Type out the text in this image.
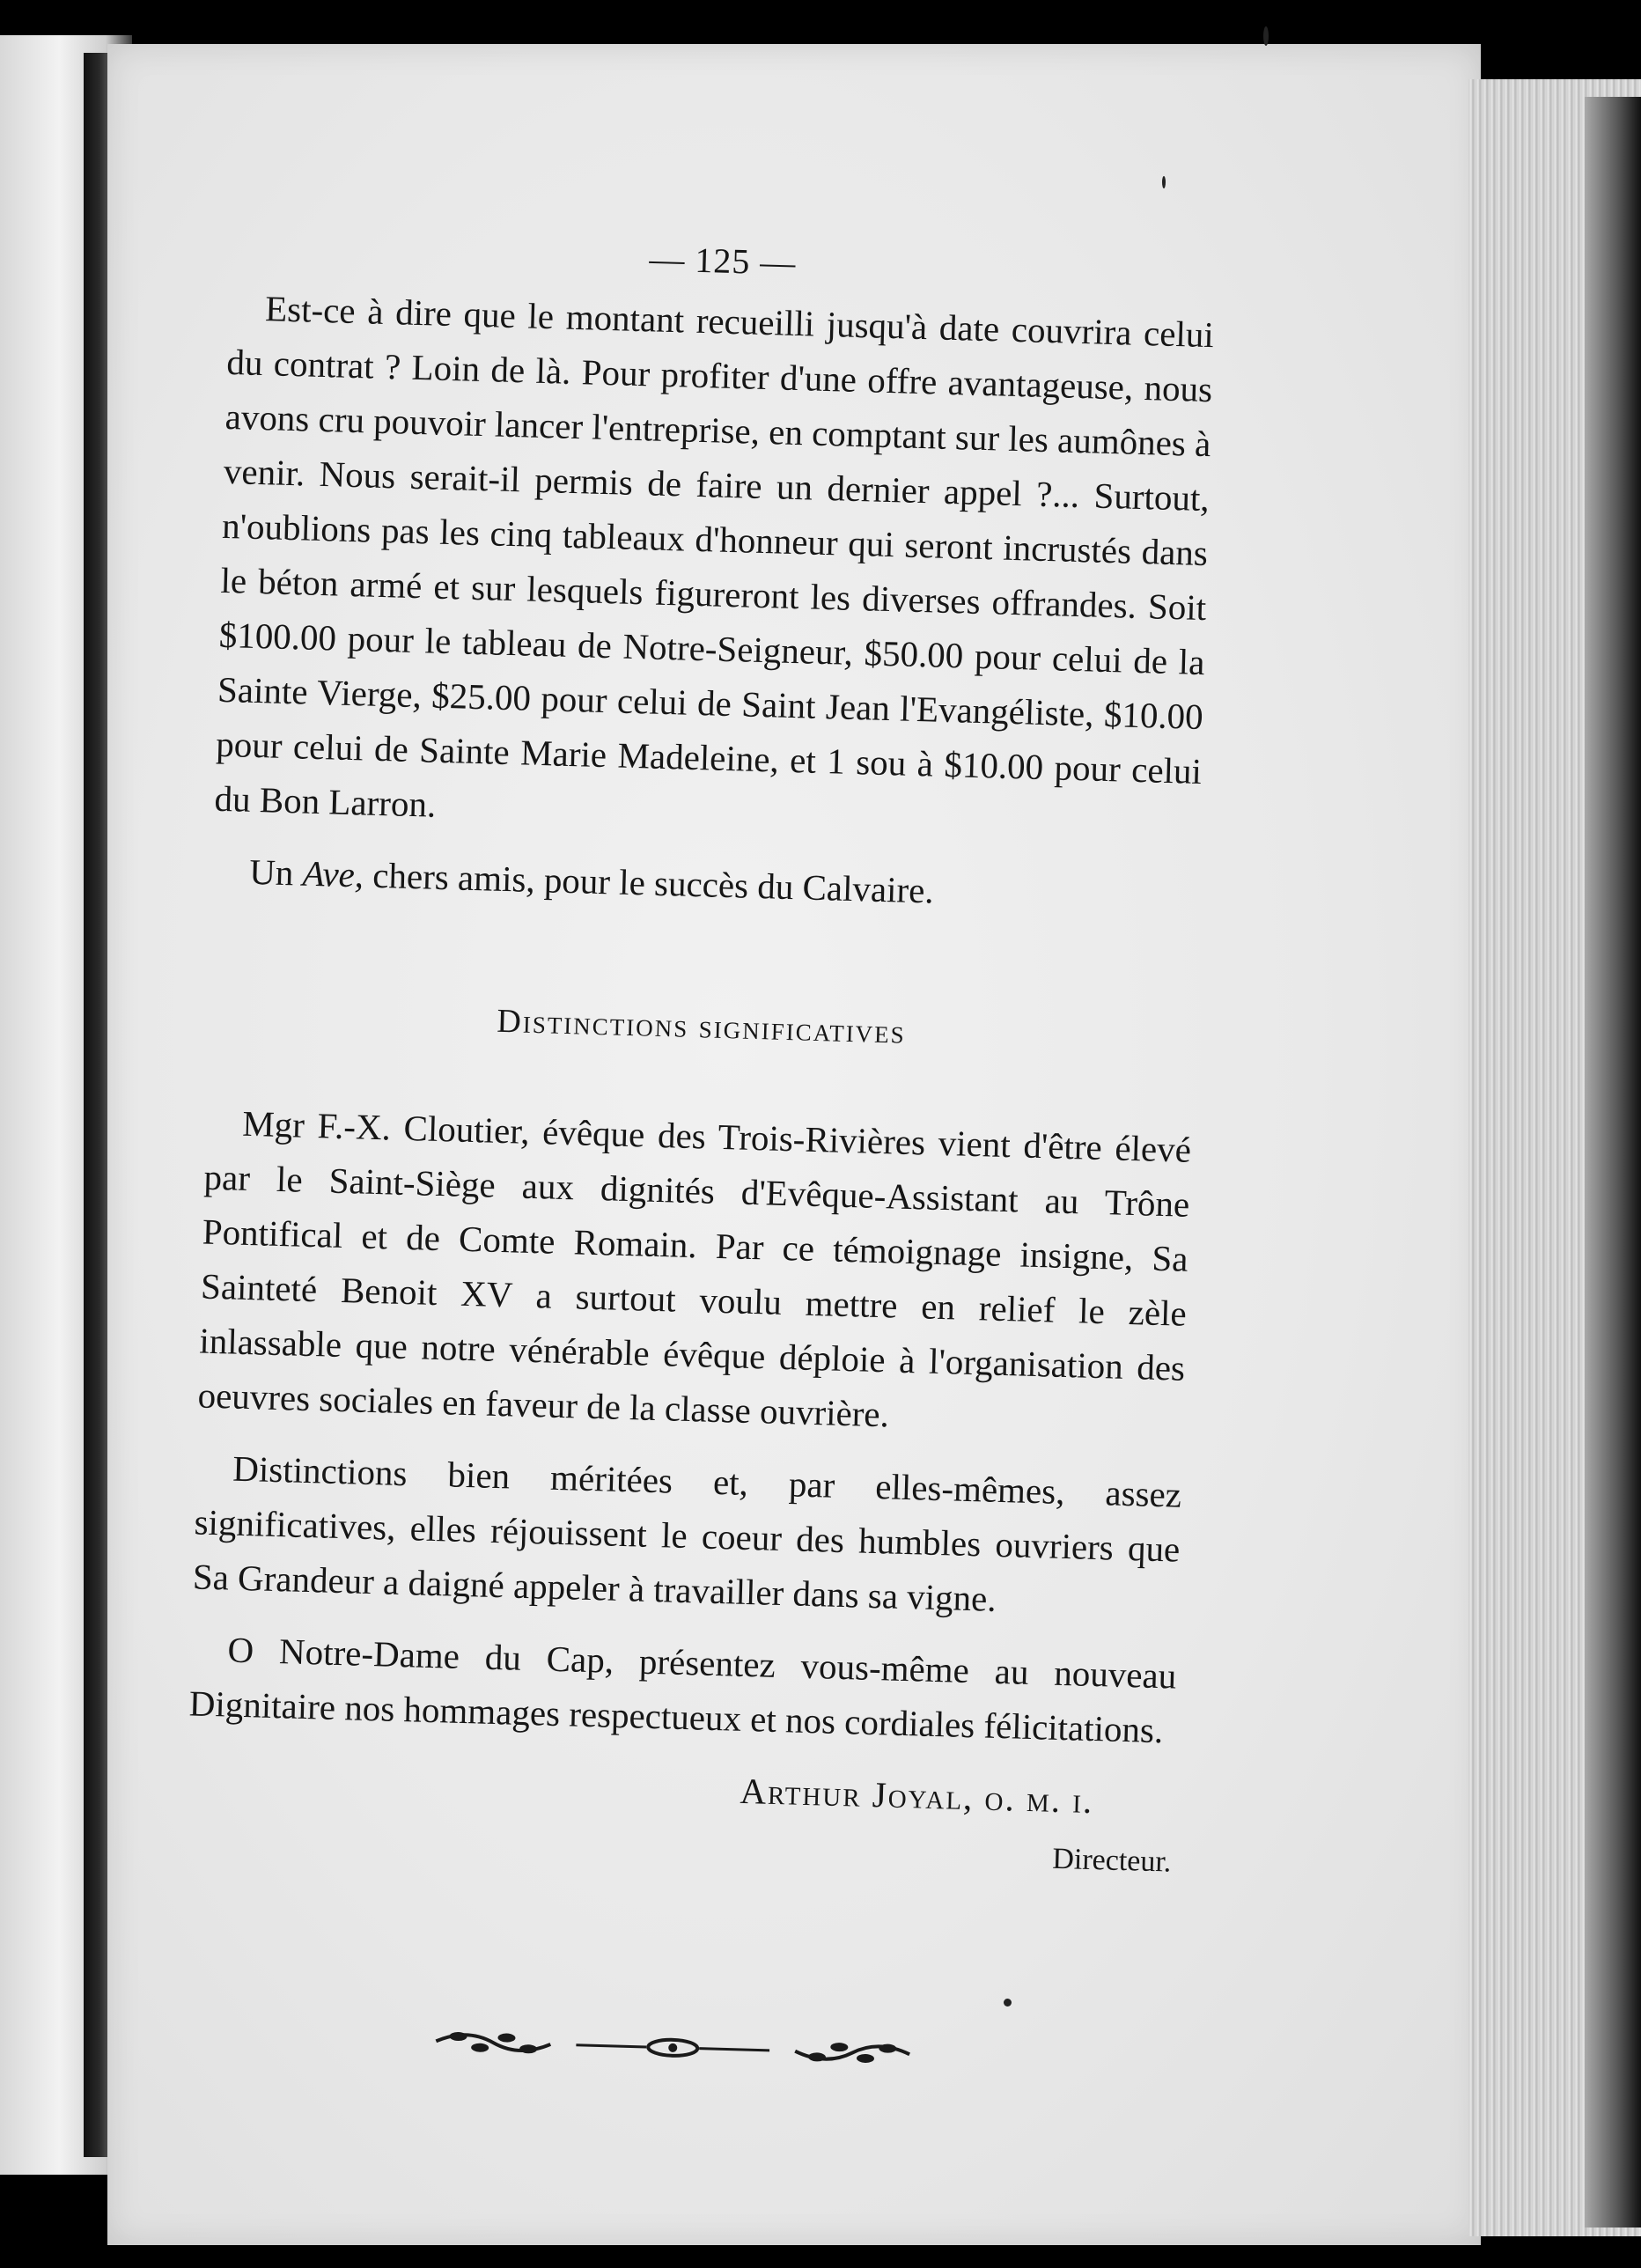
— 125 —

Est-ce à dire que le montant recueilli jusqu'à date couvrira celui du contrat ? Loin de là. Pour profiter d'une offre avantageuse, nous avons cru pouvoir lancer l'entreprise, en comptant sur les aumônes à venir. Nous serait-il permis de faire un dernier appel ?... Surtout, n'oublions pas les cinq tableaux d'honneur qui seront incrustés dans le béton armé et sur lesquels figureront les diverses offrandes. Soit $100.00 pour le tableau de Notre-Seigneur, $50.00 pour celui de la Sainte Vierge, $25.00 pour celui de Saint Jean l'Evangéliste, $10.00 pour celui de Sainte Marie Madeleine, et 1 sou à $10.00 pour celui du Bon Larron.

Un Ave, chers amis, pour le succès du Calvaire.

Distinctions significatives

Mgr F.-X. Cloutier, évêque des Trois-Rivières vient d'être élevé par le Saint-Siège aux dignités d'Evêque-Assistant au Trône Pontifical et de Comte Romain. Par ce témoignage insigne, Sa Sainteté Benoit XV a surtout voulu mettre en relief le zèle inlassable que notre vénérable évêque déploie à l'organisation des oeuvres sociales en faveur de la classe ouvrière.

Distinctions bien méritées et, par elles-mêmes, assez significatives, elles réjouissent le coeur des humbles ouvriers que Sa Grandeur a daigné appeler à travailler dans sa vigne.

O Notre-Dame du Cap, présentez vous-même au nouveau Dignitaire nos hommages respectueux et nos cordiales félicitations.

Arthur Joyal, o. m. i.
Directeur.
